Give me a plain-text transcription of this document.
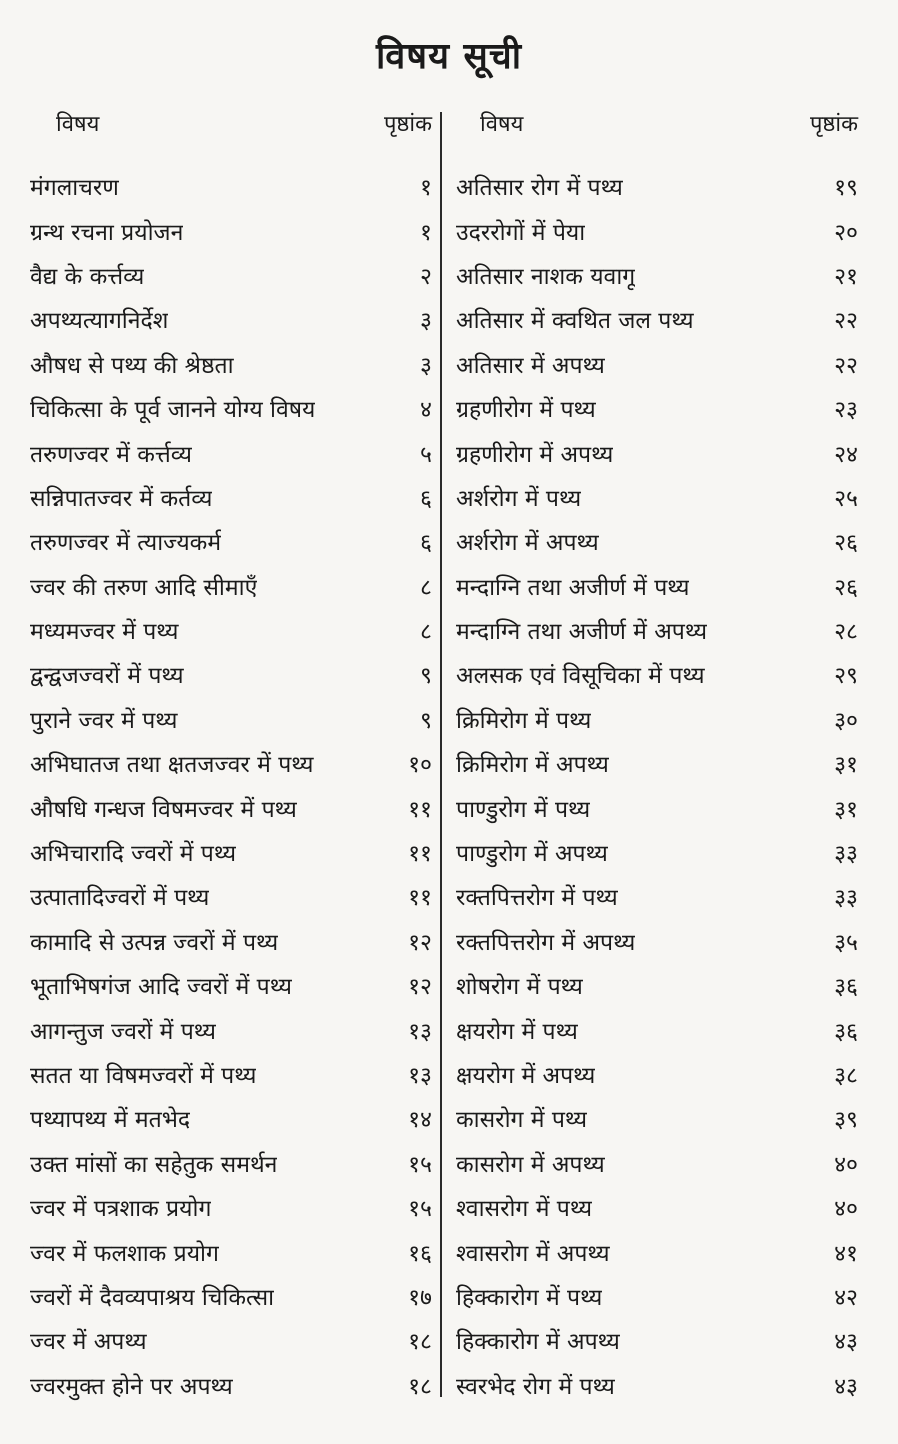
विषय सूची
विषय	पृष्ठांक
मंगलाचरण	१
ग्रन्थ रचना प्रयोजन	१
वैद्य के कर्त्तव्य	२
अपथ्यत्यागनिर्देश	३
औषध से पथ्य की श्रेष्ठता	३
चिकित्सा के पूर्व जानने योग्य विषय	४
तरुणज्वर में कर्त्तव्य	५
सन्निपातज्वर में कर्तव्य	६
तरुणज्वर में त्याज्यकर्म	६
ज्वर की तरुण आदि सीमाएँ	८
मध्यमज्वर में पथ्य	८
द्वन्द्वजज्वरों में पथ्य	९
पुराने ज्वर में पथ्य	९
अभिघातज तथा क्षतजज्वर में पथ्य	१०
औषधि गन्धज विषमज्वर में पथ्य	११
अभिचारादि ज्वरों में पथ्य	११
उत्पातादिज्वरों में पथ्य	११
कामादि से उत्पन्न ज्वरों में पथ्य	१२
भूताभिषगंज आदि ज्वरों में पथ्य	१२
आगन्तुज ज्वरों में पथ्य	१३
सतत या विषमज्वरों में पथ्य	१३
पथ्यापथ्य में मतभेद	१४
उक्त मांसों का सहेतुक समर्थन	१५
ज्वर में पत्रशाक प्रयोग	१५
ज्वर में फलशाक प्रयोग	१६
ज्वरों में दैवव्यपाश्रय चिकित्सा	१७
ज्वर में अपथ्य	१८
ज्वरमुक्त होने पर अपथ्य	१८
विषय	पृष्ठांक
अतिसार रोग में पथ्य	१९
उदररोगों में पेया	२०
अतिसार नाशक यवागू	२१
अतिसार में क्वथित जल पथ्य	२२
अतिसार में अपथ्य	२२
ग्रहणीरोग में पथ्य	२३
ग्रहणीरोग में अपथ्य	२४
अर्शरोग में पथ्य	२५
अर्शरोग में अपथ्य	२६
मन्दाग्नि तथा अजीर्ण में पथ्य	२६
मन्दाग्नि तथा अजीर्ण में अपथ्य	२८
अलसक एवं विसूचिका में पथ्य	२९
क्रिमिरोग में पथ्य	३०
क्रिमिरोग में अपथ्य	३१
पाण्डुरोग में पथ्य	३१
पाण्डुरोग में अपथ्य	३३
रक्तपित्तरोग में पथ्य	३३
रक्तपित्तरोग में अपथ्य	३५
शोषरोग में पथ्य	३६
क्षयरोग में पथ्य	३६
क्षयरोग में अपथ्य	३८
कासरोग में पथ्य	३९
कासरोग में अपथ्य	४०
श्वासरोग में पथ्य	४०
श्वासरोग में अपथ्य	४१
हिक्कारोग में पथ्य	४२
हिक्कारोग में अपथ्य	४३
स्वरभेद रोग में पथ्य	४३
